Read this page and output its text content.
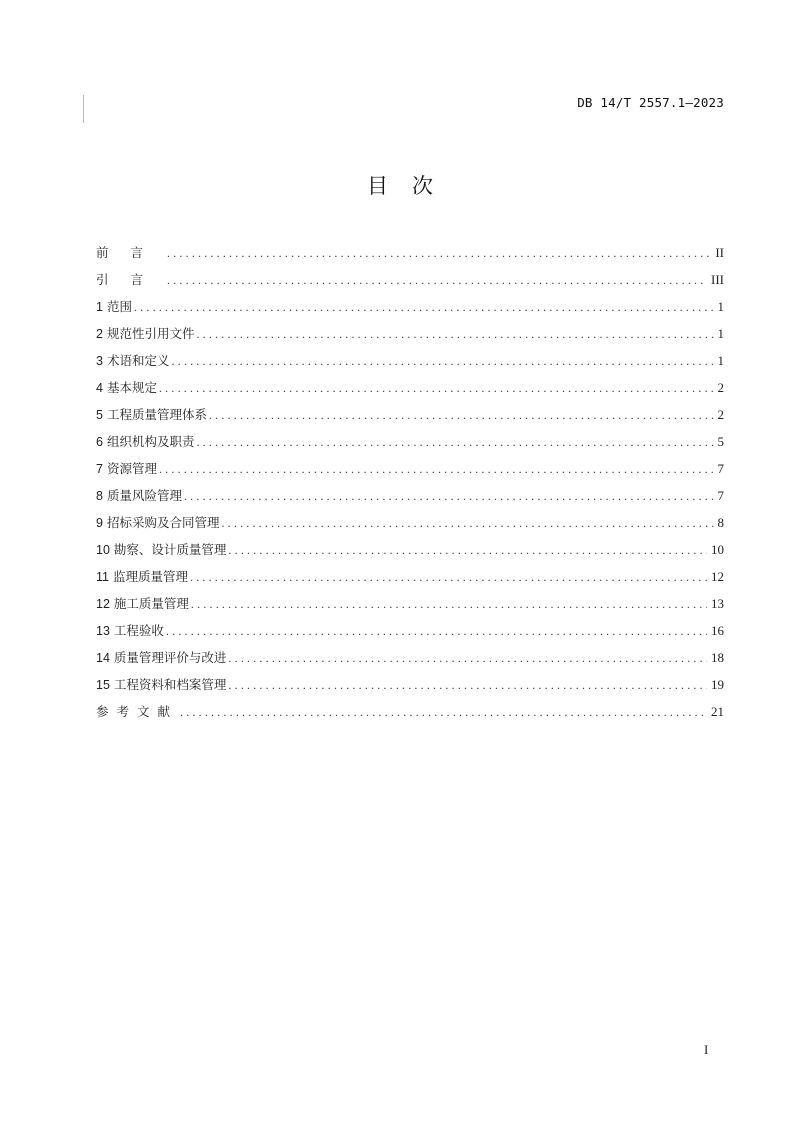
DB 14/T 2557.1—2023
目 次
前言 .....	II
引言 .....	III
1 范围 .....	1
2 规范性引用文件 .....	1
3 术语和定义 .....	1
4 基本规定 .....	2
5 工程质量管理体系 .....	2
6 组织机构及职责 .....	5
7 资源管理 .....	7
8 质量风险管理 .....	7
9 招标采购及合同管理 .....	8
10 勘察、设计质量管理 .....	10
11 监理质量管理 .....	12
12 施工质量管理 .....	13
13 工程验收 .....	16
14 质量管理评价与改进 .....	18
15 工程资料和档案管理 .....	19
参考文献 .....	21
I
